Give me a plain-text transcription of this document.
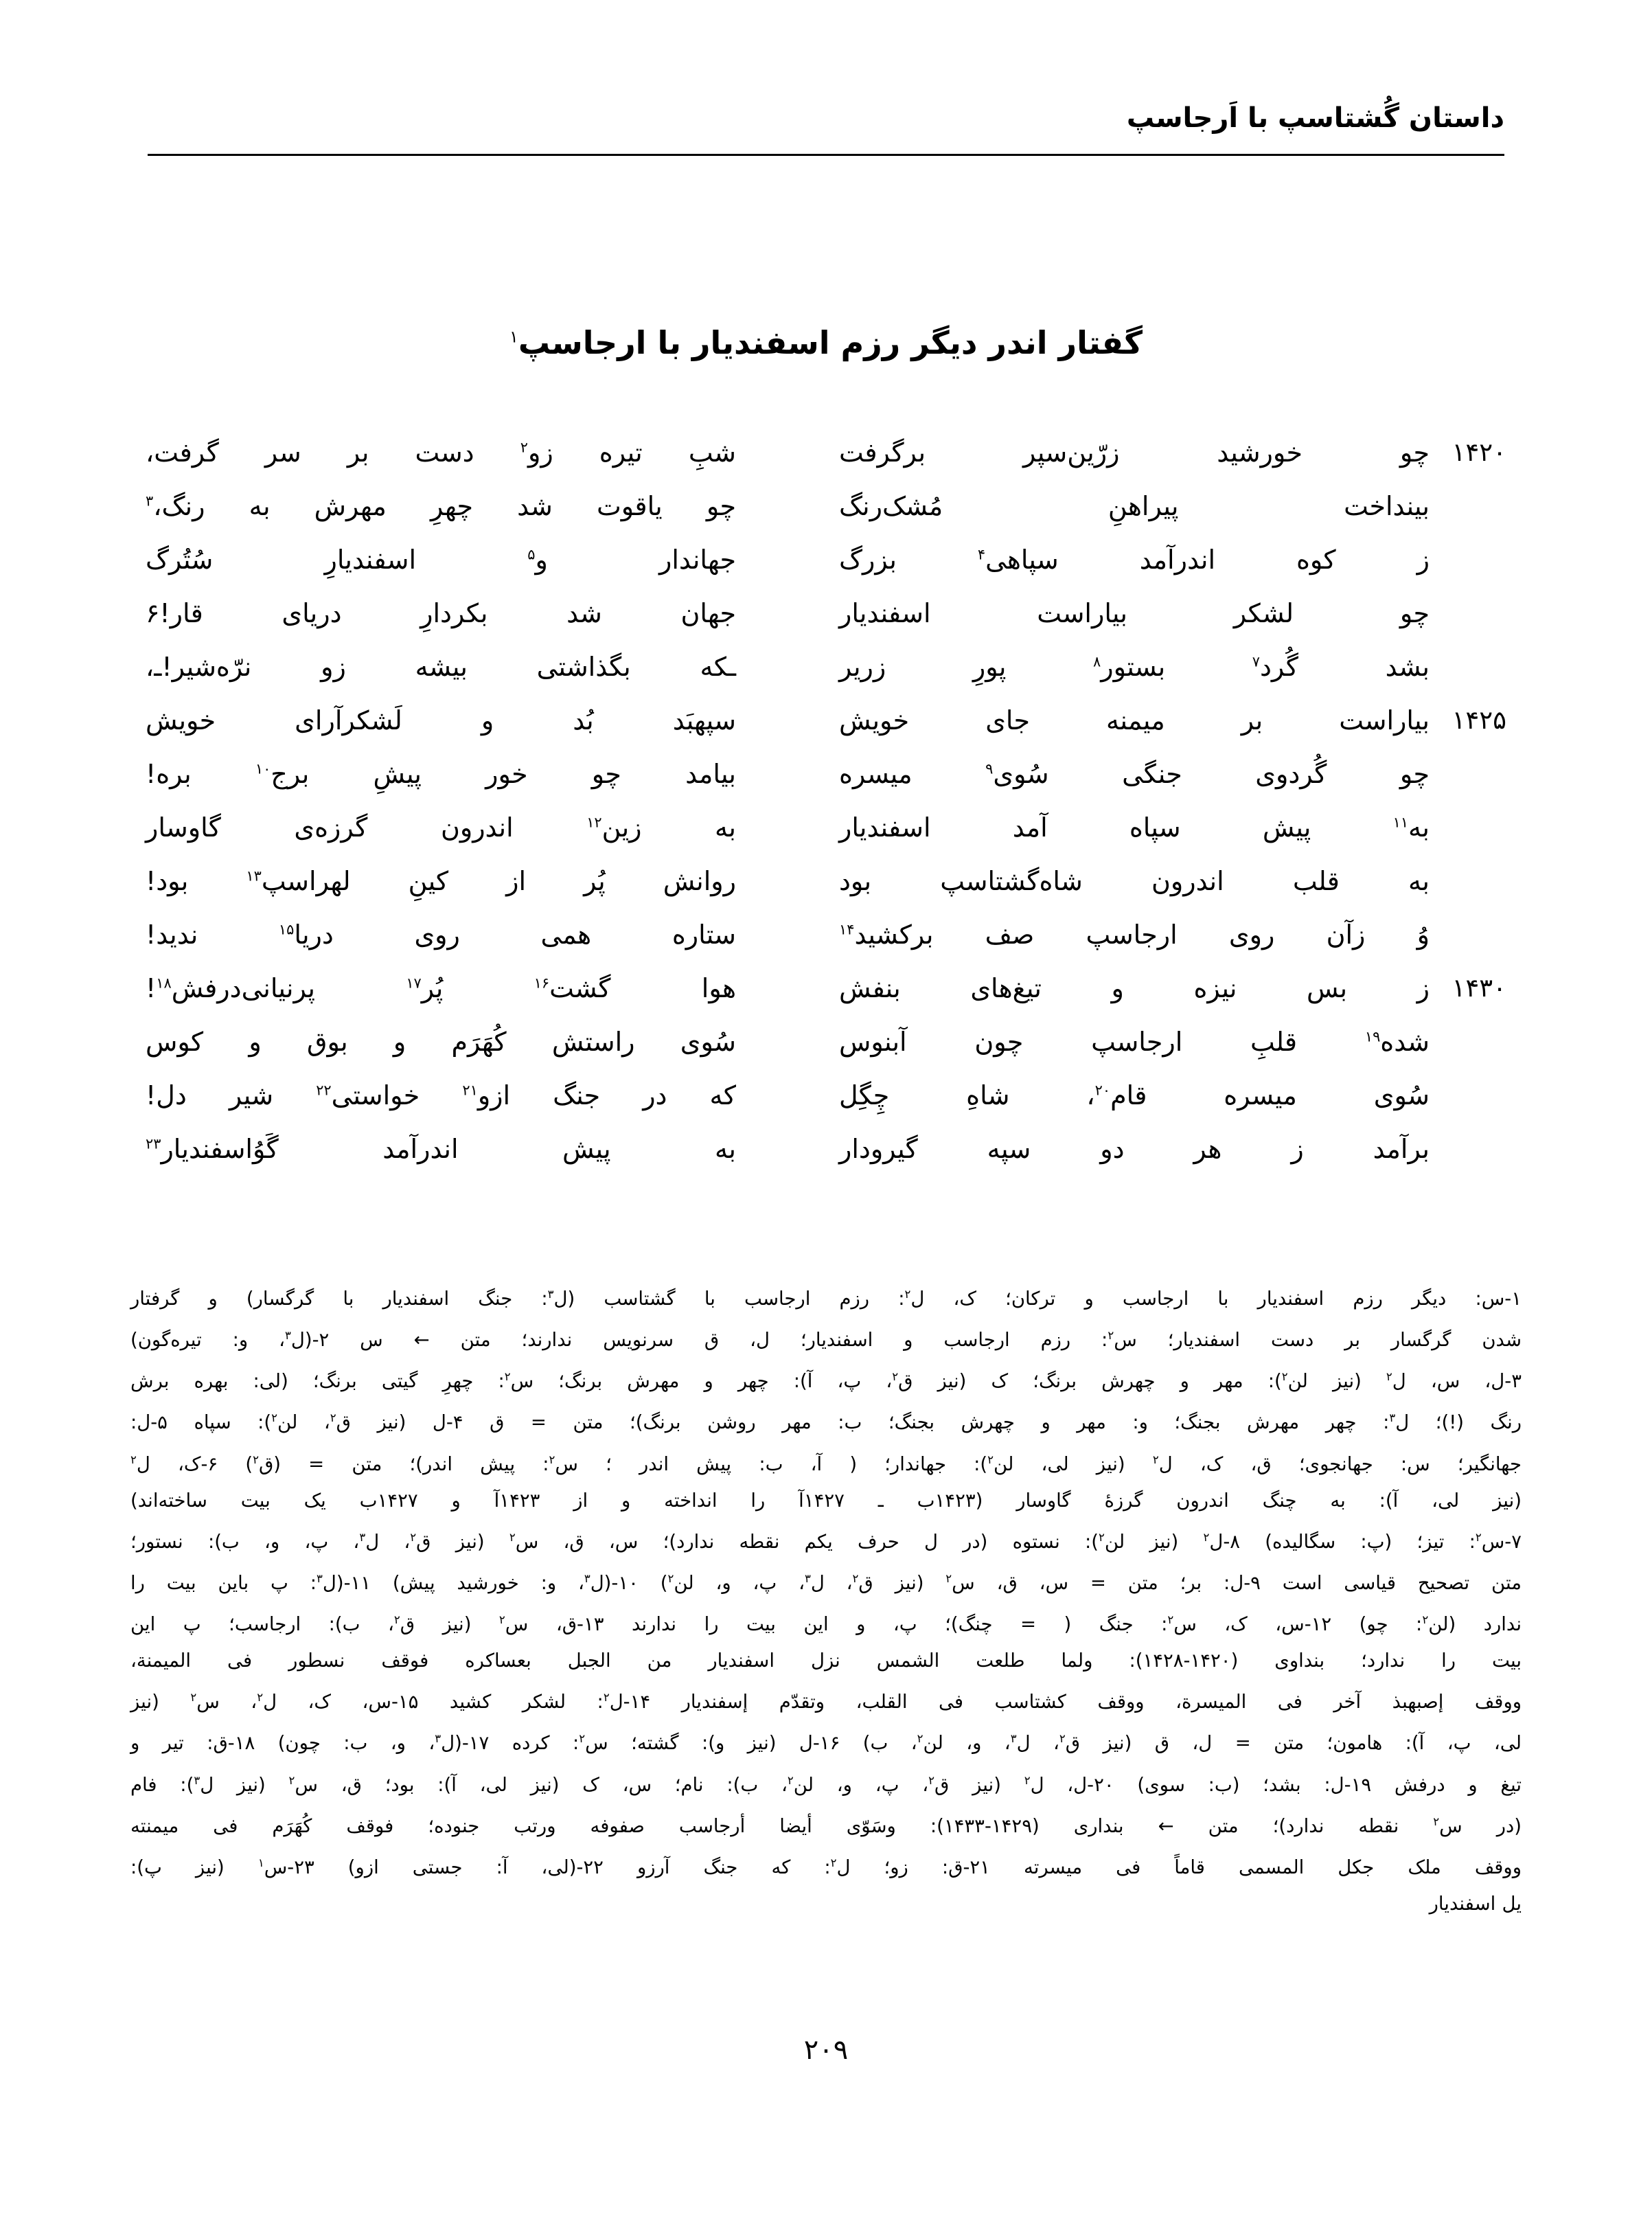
داستان گُشتاسپ با اَرجاسپ
گفتار اندر دیگر رزم اسفندیار با ارجاسپ$^۱$
۱۴۲۰
چو خورشید زرّین‌سپر برگرفت
شبِ تیره زو$^۲$ دست بر سر گرفت،
بینداخت پیراهنِ مُشک‌رنگ
چو یاقوت شد چهرِ مهرش به رنگ،$^۳$
ز کوه اندرآمد سپاهی$^۴$ بزرگ
جهاندار و$^۵$ اسفندیارِ سُتُرگ
چو لشکر بیاراست اسفندیار
جهان شد بکردارِ دریای قار!۶
بشد گُرد$^۷$ بستور$^۸$ پورِ زریر
ـکه بگذاشتی بیشه زو نرّه‌شیر!ـ،
۱۴۲۵
بیاراست بر میمنه جای خویش
سپهبَد بُد و لَشکرآرای خویش
چو گُردوی جنگی سُوی$^۹$ میسره
بیامد چو خور پیشِ برج$^{۱۰}$ بره!
به$^{۱۱}$ پیش سپاه آمد اسفندیار
به زین$^{۱۲}$ اندرون گرزه‌ی گاوسار
به قلب اندرون شاه‌گشتاسپ بود
روانش پُر از کینِ لهراسپ$^{۱۳}$ بود!
وُ زآن روی ارجاسپ صف برکشید$^{۱۴}$
ستاره همی روی دریا$^{۱۵}$ ندید!
۱۴۳۰
ز بس نیزه و تیغ‌های بنفش
هوا گشت$^{۱۶}$ پُر$^{۱۷}$ پرنیانی‌درفش$^{۱۸}$!
شده$^{۱۹}$ قلبِ ارجاسپ چون آبنوس
سُوی راستش کُهَرَم و بوق و کوس
سُوی میسره قام$^{۲۰}$، شاهِ چِگِل
که در جنگ ازو$^{۲۱}$ خواستی$^{۲۲}$ شیر دل!
برآمد ز هر دو سپه گیرودار
به پیش اندرآمد گَوُاسفندیار$^{۲۳}$

۱-س: دیگر رزم اسفندیار با ارجاسب و ترکان؛ ک، ل$^۲$: رزم ارجاسب با گشتاسب (ل$^۳$: جنگ اسفندیار با گرگسار) و گرفتار

شدن گرگسار بر دست اسفندیار؛ س$^۲$: رزم ارجاسب و اسفندیار؛ ل، ق سرنویس ندارند؛ متن ← س ۲-(ل$^۳$، و: تیره‌گون)

۳-ل، س، ل$^۲$ (نیز لن$^۲$): مهر و چهرش برنگ؛ ک (نیز ق$^۲$، پ، آ): چهر و مهرش برنگ؛ س$^۲$: چهرِ گیتی برنگ؛ (لی: بهره برش

رنگ (!)؛ ل$^۳$: چهر مهرش بجنگ؛ و: مهر و چهرش بجنگ؛ ب: مهر روشن برنگ)؛ متن = ق ۴-ل (نیز ق$^۲$، لن$^۲$): سپاه ۵-ل:

جهانگیر؛ س: جهانجوی؛ ق، ک، ل$^۲$ (نیز لی، لن$^۲$): جهاندار؛ ( آ، ب: پیش اندر ؛ س$^۲$: پیش اندر)؛ متن = (ق$^۲$) ۶-ک، ل$^۲$

(نیز لی، آ): به چنگ اندرون گرزهٔ گاوسار (۱۴۲۳ب ـ ۱۴۲۷آ را انداخته و از ۱۴۲۳آ و ۱۴۲۷ب یک بیت ساخته‌اند)

۷-س$^۲$: تیز؛ (پ: سگالیده) ۸-ل$^۲$ (نیز لن$^۲$): نستوه (در ل حرف یکم نقطه ندارد)؛ س، ق، س$^۲$ (نیز ق$^۲$، ل$^۳$، پ، و، ب): نستور؛

متن تصحیح قیاسی است ۹-ل: بر؛ متن = س، ق، س$^۲$ (نیز ق$^۲$، ل$^۳$، پ، و، لن$^۲$) ۱۰-(ل$^۳$، و: خورشید پیش) ۱۱-(ل$^۳$: پ باین بیت را

ندارد (لن$^۲$: چو) ۱۲-س، ک، س$^۲$: جنگ ( = چنگ)؛ پ، و این بیت را ندارند ۱۳-ق، س$^۲$ (نیز ق$^۲$، ب): ارجاسب؛ پ این

بیت را ندارد؛ بنداوی (۱۴۲۰-۱۴۲۸): ولما طلعت الشمس نزل اسفندیار من الجبل بعساکره فوقف نسطور فی المیمنة،

ووقف إصبهبذ آخر فی المیسرة، ووقف کشتاسب فی القلب، وتقدّم إسفندیار ۱۴-ل$^۲$: لشکر کشید ۱۵-س، ک، ل$^۲$، س$^۲$ (نیز

لی، پ، آ): هامون؛ متن = ل، ق (نیز ق$^۲$، ل$^۳$، و، لن$^۲$، ب) ۱۶-ل (نیز و): گشته؛ س$^۲$: کرده ۱۷-(ل$^۳$، و، ب: چون) ۱۸-ق: تیر و

تیغ و درفش ۱۹-ل: بشد؛ (ب: سوی) ۲۰-ل، ل$^۲$ (نیز ق$^۲$، پ، و، لن$^۲$، ب): نام؛ س، ک (نیز لی، آ): بود؛ ق، س$^۲$ (نیز ل$^۳$): فام

(در س$^۲$ نقطه ندارد)؛ متن ← بنداری (۱۴۲۹-۱۴۳۳): وسَوّی أیضا أرجاسب صفوفه ورتب جنوده؛ فوقف کُهَرَم فی میمنته

ووقف ملک جکل المسمی قاماً فی میسرته ۲۱-ق: زو؛ ل$^۲$: که جنگ آرزو ۲۲-(لی، آ: جستی ازو) ۲۳-س$^۱$ (نیز پ):

یل اسفندیار

۲۰۹
